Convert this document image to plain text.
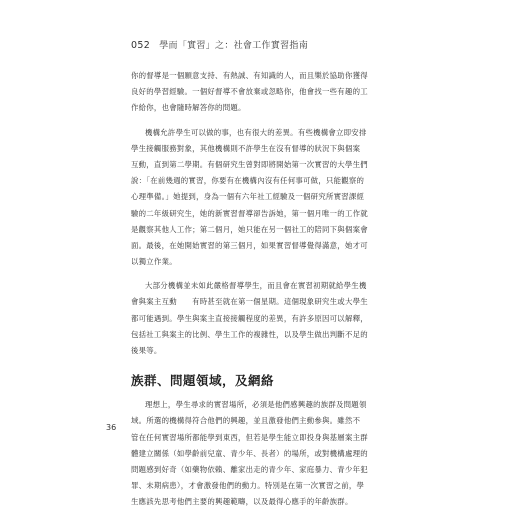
052 學而「實習」之：社會工作實習指南
你的督導是一個願意支持、有熱誠、有知識的人，而且樂於協助你獲得
良好的學習經驗。一個好督導不會放棄或忽略你，他會找一些有趣的工
作給你，也會隨時解答你的問題。
機構允許學生可以做的事，也有很大的差異。有些機構會立即安排
學生接觸服務對象，其他機構則不許學生在沒有督導的狀況下與個案
互動，直到第二學期。有個研究生曾對即將開始第一次實習的大學生們
說：「在前幾週的實習，你要有在機構內沒有任何事可做，只能觀察的
心理準備。」她提到，身為一個有六年社工經驗及一個研究所實習課經
驗的二年級研究生，她的新實習督導卻告訴她，第一個月唯一的工作就
是觀察其他人工作；第二個月，她只能在另一個社工的陪同下與個案會
面。最後，在她開始實習的第三個月，如果實習督導覺得滿意，她才可
以獨立作業。
大部分機構並未如此嚴格督導學生，而且會在實習初期就給學生機
會與案主互動　　有時甚至就在第一個星期。這個現象研究生或大學生
都可能遇到。學生與案主直接接觸程度的差異，有許多原因可以解釋，
包括社工與案主的比例、學生工作的複雜性，以及學生做出判斷不足的
後果等。
族群、問題領域，及網絡
理想上，學生尋求的實習場所，必須是他們感興趣的族群及問題領
域。所選的機構得符合他們的興趣，並且激發他們主動參與。雖然不
管在任何實習場所都能學到東西，但若是學生能立即投身與基層案主群
體建立關係（如學齡前兒童、青少年、長者）的場所，或對機構處理的
問題感到好奇（如藥物依賴、離家出走的青少年、家庭暴力、青少年犯
罪、未期病患），才會激發他們的動力。特別是在第一次實習之前，學
生應該先思考他們主要的興趣範疇，以及最得心應手的年齡族群。
36
